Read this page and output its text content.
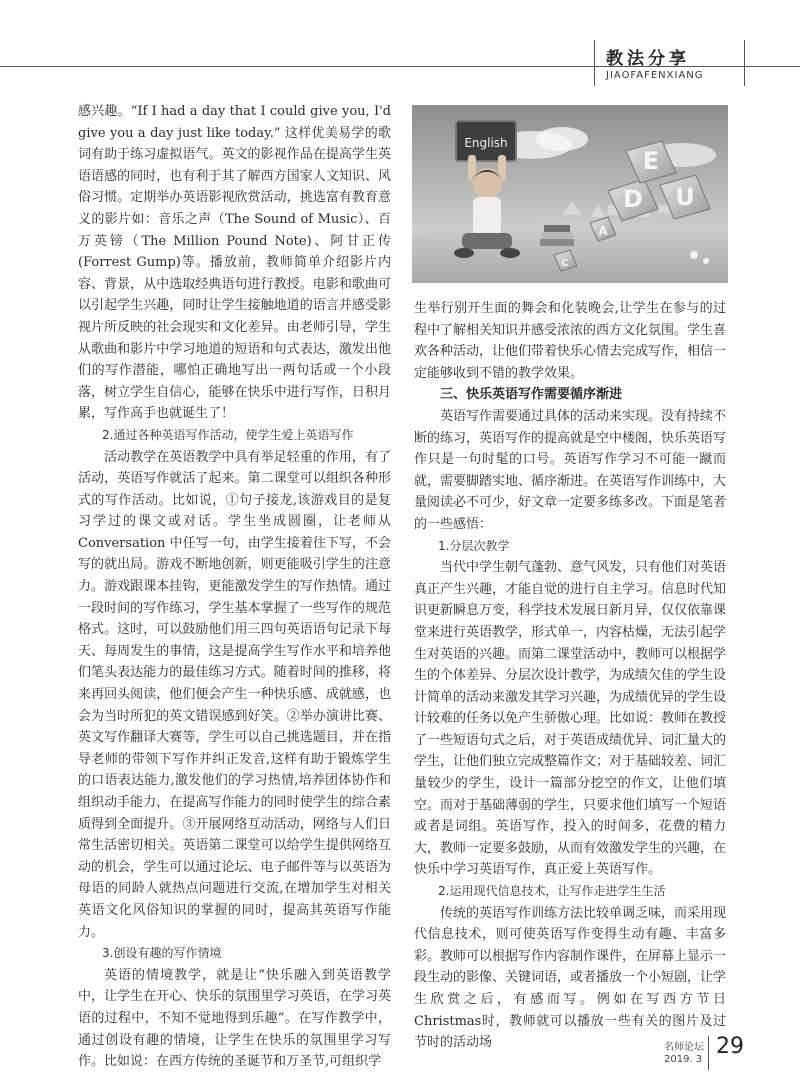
教法分享
JIAOFAFENXIANG

感兴趣。“If I had a day that I could give you, I'd give you a day just like today.” 这样优美易学的歌词有助于练习虚拟语气。英文的影视作品在提高学生英语语感的同时，也有利于其了解西方国家人文知识、风俗习惯。定期举办英语影视欣赏活动，挑选富有教育意义的影片如：音乐之声（The Sound of Music）、百万英镑（The Million Pound Note)、阿甘正传(Forrest Gump)等。播放前，教师简单介绍影片内容、背景，从中选取经典语句进行教授。电影和歌曲可以引起学生兴趣，同时让学生接触地道的语言并感受影视片所反映的社会现实和文化差异。由老师引导，学生从歌曲和影片中学习地道的短语和句式表达，激发出他们的写作潜能，哪怕正确地写出一两句话或一个小段落，树立学生自信心，能够在快乐中进行写作，日积月累，写作高手也就诞生了！

2.通过各种英语写作活动，使学生爱上英语写作

活动教学在英语教学中具有举足轻重的作用，有了活动，英语写作就活了起来。第二课堂可以组织各种形式的写作活动。比如说，①句子接龙,该游戏目的是复习学过的课文或对话。学生坐成圆圈，让老师从Conversation 中任写一句，由学生接着往下写，不会写的就出局。游戏不断地创新，则更能吸引学生的注意力。游戏跟课本挂钩，更能激发学生的写作热情。通过一段时间的写作练习，学生基本掌握了一些写作的规范格式。这时，可以鼓励他们用三四句英语语句记录下每天、每周发生的事情，这是提高学生写作水平和培养他们笔头表达能力的最佳练习方式。随着时间的推移，将来再回头阅读，他们便会产生一种快乐感、成就感，也会为当时所犯的英文错误感到好笑。②举办演讲比赛、英文写作翻译大赛等，学生可以自己挑选题目，并在指导老师的带领下写作并纠正发音,这样有助于锻炼学生的口语表达能力,激发他们的学习热情,培养团体协作和组织动手能力，在提高写作能力的同时使学生的综合素质得到全面提升。③开展网络互动活动，网络与人们日常生活密切相关。英语第二课堂可以给学生提供网络互动的机会，学生可以通过论坛、电子邮件等与以英语为母语的同龄人就热点问题进行交流,在增加学生对相关英语文化风俗知识的掌握的同时，提高其英语写作能力。

3.创设有趣的写作情境

英语的情境教学，就是让“快乐融入到英语教学中，让学生在开心、快乐的氛围里学习英语，在学习英语的过程中，不知不觉地得到乐趣”。在写作教学中，通过创设有趣的情境，让学生在快乐的氛围里学习写作。比如说：在西方传统的圣诞节和万圣节,可组织学

English
D
E
U
A
C

生举行别开生面的舞会和化装晚会,让学生在参与的过程中了解相关知识并感受浓浓的西方文化氛围。学生喜欢各种活动，让他们带着快乐心情去完成写作，相信一定能够收到不错的教学效果。

三、快乐英语写作需要循序渐进

英语写作需要通过具体的活动来实现。没有持续不断的练习，英语写作的提高就是空中楼阁，快乐英语写作只是一句时髦的口号。英语写作学习不可能一蹴而就，需要脚踏实地、循序渐进。在英语写作训练中，大量阅读必不可少，好文章一定要多练多改。下面是笔者的一些感悟：

1.分层次教学

当代中学生朝气蓬勃、意气风发，只有他们对英语真正产生兴趣，才能自觉的进行自主学习。信息时代知识更新瞬息万变，科学技术发展日新月异，仅仅依靠课堂来进行英语教学，形式单一，内容枯燥，无法引起学生对英语的兴趣。而第二课堂活动中，教师可以根据学生的个体差异、分层次设计教学，为成绩欠佳的学生设计简单的活动来激发其学习兴趣，为成绩优异的学生设计较难的任务以免产生骄傲心理。比如说：教师在教授了一些短语句式之后，对于英语成绩优异、词汇量大的学生，让他们独立完成整篇作文；对于基础较差、词汇量较少的学生，设计一篇部分挖空的作文，让他们填空。而对于基础薄弱的学生，只要求他们填写一个短语或者是词组。英语写作，投入的时间多，花费的精力大，教师一定要多鼓励，从而有效激发学生的兴趣，在快乐中学习英语写作，真正爱上英语写作。

2.运用现代信息技术，让写作走进学生生活

传统的英语写作训练方法比较单调乏味，而采用现代信息技术，则可使英语写作变得生动有趣、丰富多彩。教师可以根据写作内容制作课件，在屏幕上显示一段生动的影像、关键词语，或者播放一个小短剧，让学生欣赏之后，有感而写。例如在写西方节日Christmas时，教师就可以播放一些有关的图片及过节时的活动场	名师论坛
2019. 3
29
